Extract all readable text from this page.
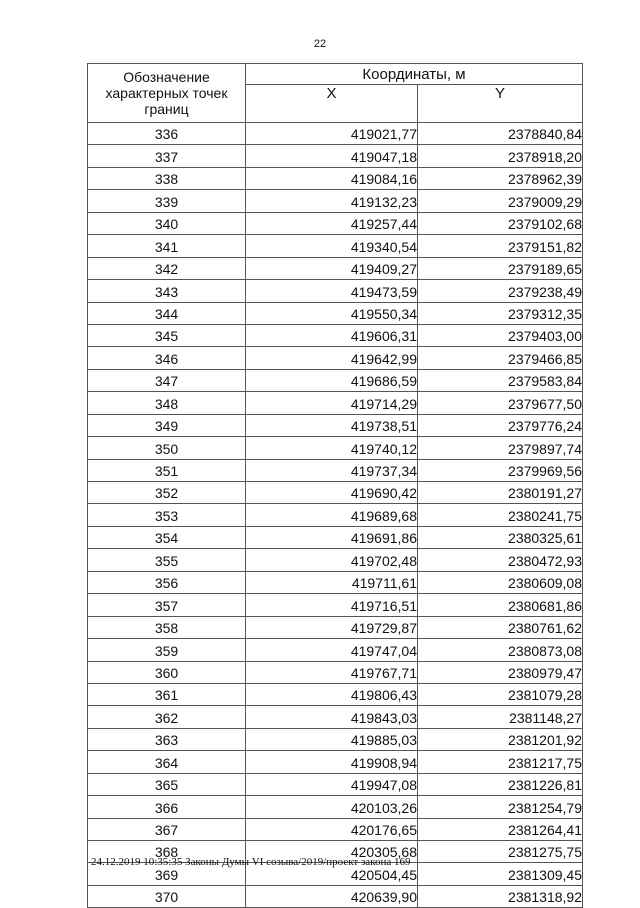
22
Обозначение характерных точек границ	Координаты, м	
	X	Y
336	419021,77	2378840,84
337	419047,18	2378918,20
338	419084,16	2378962,39
339	419132,23	2379009,29
340	419257,44	2379102,68
341	419340,54	2379151,82
342	419409,27	2379189,65
343	419473,59	2379238,49
344	419550,34	2379312,35
345	419606,31	2379403,00
346	419642,99	2379466,85
347	419686,59	2379583,84
348	419714,29	2379677,50
349	419738,51	2379776,24
350	419740,12	2379897,74
351	419737,34	2379969,56
352	419690,42	2380191,27
353	419689,68	2380241,75
354	419691,86	2380325,61
355	419702,48	2380472,93
356	419711,61	2380609,08
357	419716,51	2380681,86
358	419729,87	2380761,62
359	419747,04	2380873,08
360	419767,71	2380979,47
361	419806,43	2381079,28
362	419843,03	2381148,27
363	419885,03	2381201,92
364	419908,94	2381217,75
365	419947,08	2381226,81
366	420103,26	2381254,79
367	420176,65	2381264,41
368	420305,68	2381275,75
369	420504,45	2381309,45
370	420639,90	2381318,92
24.12.2019 10:35:35 Законы Думы VI созыва/2019/проект закона 169
